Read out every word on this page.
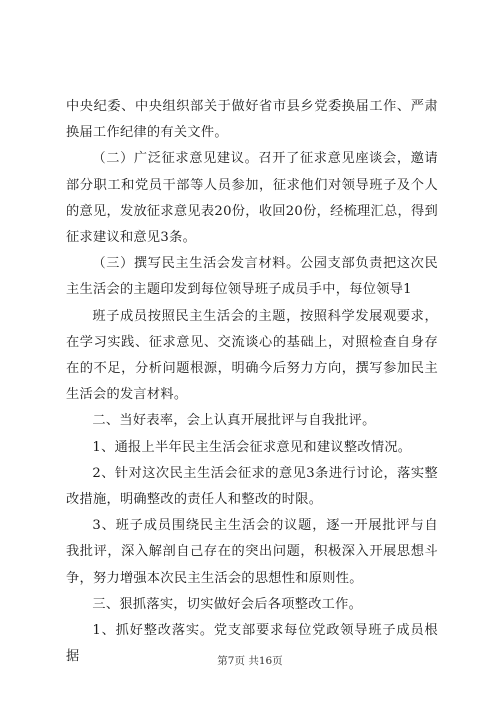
中央纪委、中央组织部关于做好省市县乡党委换届工作、严肃换届工作纪律的有关文件。

（二）广泛征求意见建议。召开了征求意见座谈会，邀请部分职工和党员干部等人员参加，征求他们对领导班子及个人的意见，发放征求意见表20份，收回20份，经梳理汇总，得到征求建议和意见3条。

（三）撰写民主生活会发言材料。公园支部负责把这次民主生活会的主题印发到每位领导班子成员手中，每位领导1

班子成员按照民主生活会的主题，按照科学发展观要求，在学习实践、征求意见、交流谈心的基础上，对照检查自身存在的不足，分析问题根源，明确今后努力方向，撰写参加民主生活会的发言材料。

二、当好表率，会上认真开展批评与自我批评。

1、通报上半年民主生活会征求意见和建议整改情况。

2、针对这次民主生活会征求的意见3条进行讨论，落实整改措施，明确整改的责任人和整改的时限。

3、班子成员围绕民主生活会的议题，逐一开展批评与自我批评，深入解剖自己存在的突出问题，积极深入开展思想斗争，努力增强本次民主生活会的思想性和原则性。

三、狠抓落实，切实做好会后各项整改工作。

1、抓好整改落实。党支部要求每位党政领导班子成员根据	第7页 共16页
